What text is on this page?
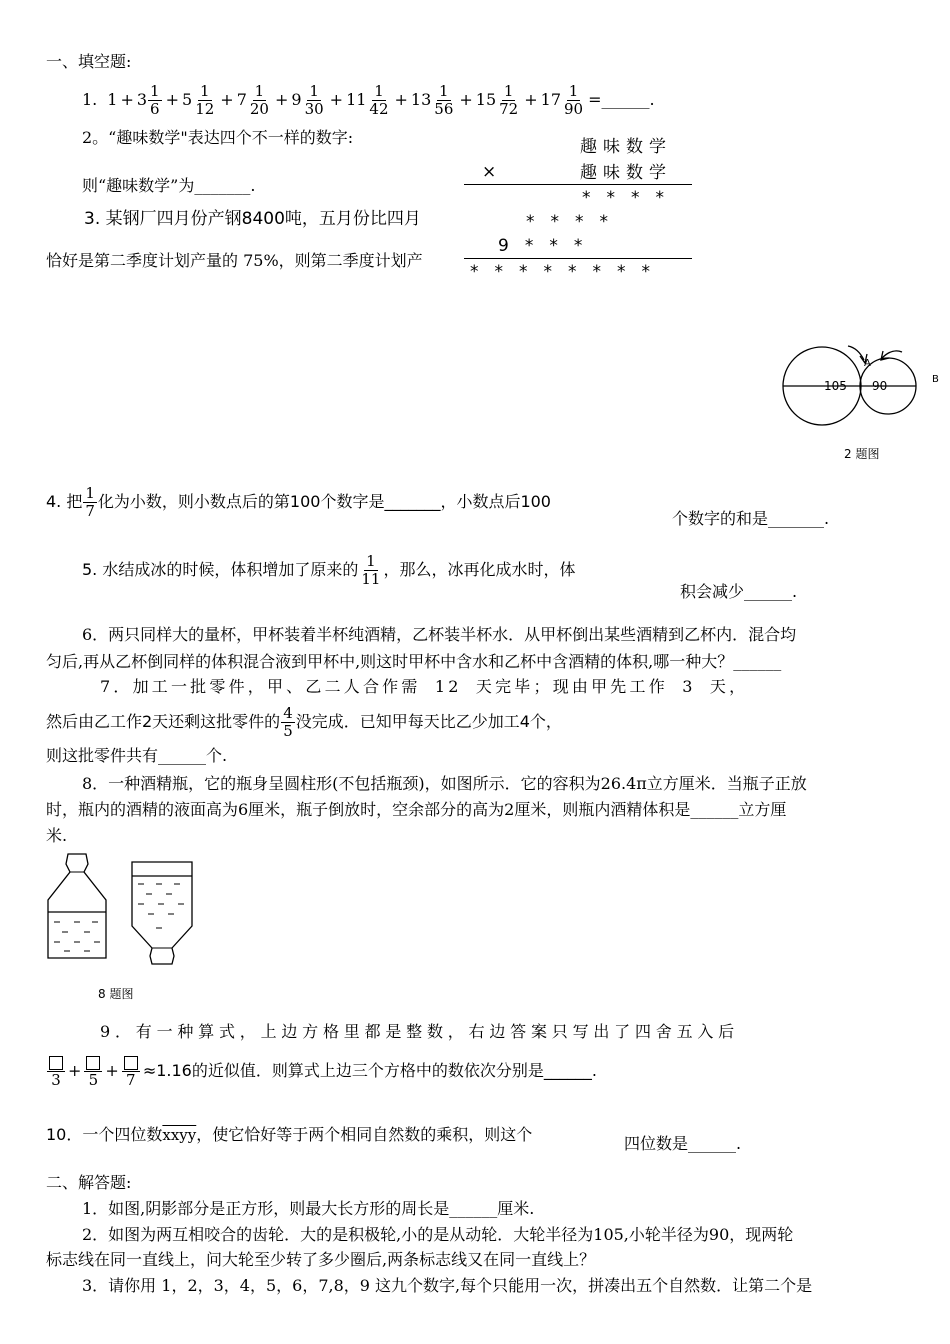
一、填空题:
1. $1 + 3 \frac{1}{6} + 5 \frac{1}{12} + 7 \frac{1}{20} + 9 \frac{1}{30} + 11 \frac{1}{42} + 13 \frac{1}{56} + 15 \frac{1}{72} + 17 \frac{1}{90}$ =______.
2。“趣味数学"表达四个不一样的数字:
则“趣味数学”为_______.
趣 味 数 学
趣 味 数 学
×
* * * *
* * * *
9 * * *
* * * * * * * *
3. 某钢厂四月份产钢8400吨，五月份比四月
恰好是第二季度计划产量的 75%，则第二季度计划产
105 90
A
B
2 题图
4. 把 $\frac{1}{7}$ 化为小数，则小数点后的第100个数字是_______，小数点后100
个数字的和是_______.
5. 水结成冰的时候，体积增加了原来的 $\frac{1}{11}$ ，那么，冰再化成水时，体
积会减少______.
6．两只同样大的量杯，甲杯装着半杯纯酒精，乙杯装半杯水．从甲杯倒出某些酒精到乙杯内．混合均
匀后,再从乙杯倒同样的体积混合液到甲杯中,则这时甲杯中含水和乙杯中含酒精的体积,哪一种大？______
7．加工一批零件，甲、乙二人合作需 12 天完毕；现由甲先工作 3 天，
然后由乙工作2天还剩这批零件的 $\frac{4}{5}$ 没完成．已知甲每天比乙少加工4个，
则这批零件共有______个.
8．一种酒精瓶，它的瓶身呈圆柱形(不包括瓶颈)，如图所示．它的容积为26.4π立方厘米．当瓶子正放
时，瓶内的酒精的液面高为6厘米，瓶子倒放时，空余部分的高为2厘米，则瓶内酒精体积是______立方厘
米.
8 题图
9．有一种算式，上边方格里都是整数，右边答案只写出了四舍五入后
3 + 5 + 7 ≈1.16的近似值．则算式上边三个方格中的数依次分别是______.
10．一个四位数 xxyy ，使它恰好等于两个相同自然数的乘积，则这个	四位数是______.
二、解答题:
1．如图,阴影部分是正方形，则最大长方形的周长是______厘米.
2．如图为两互相咬合的齿轮．大的是积极轮,小的是从动轮．大轮半径为105,小轮半径为90，现两轮
标志线在同一直线上，问大轮至少转了多少圈后,两条标志线又在同一直线上？
3．请你用 1，2，3，4，5，6，7,8，9 这九个数字,每个只能用一次，拼凑出五个自然数．让第二个是
